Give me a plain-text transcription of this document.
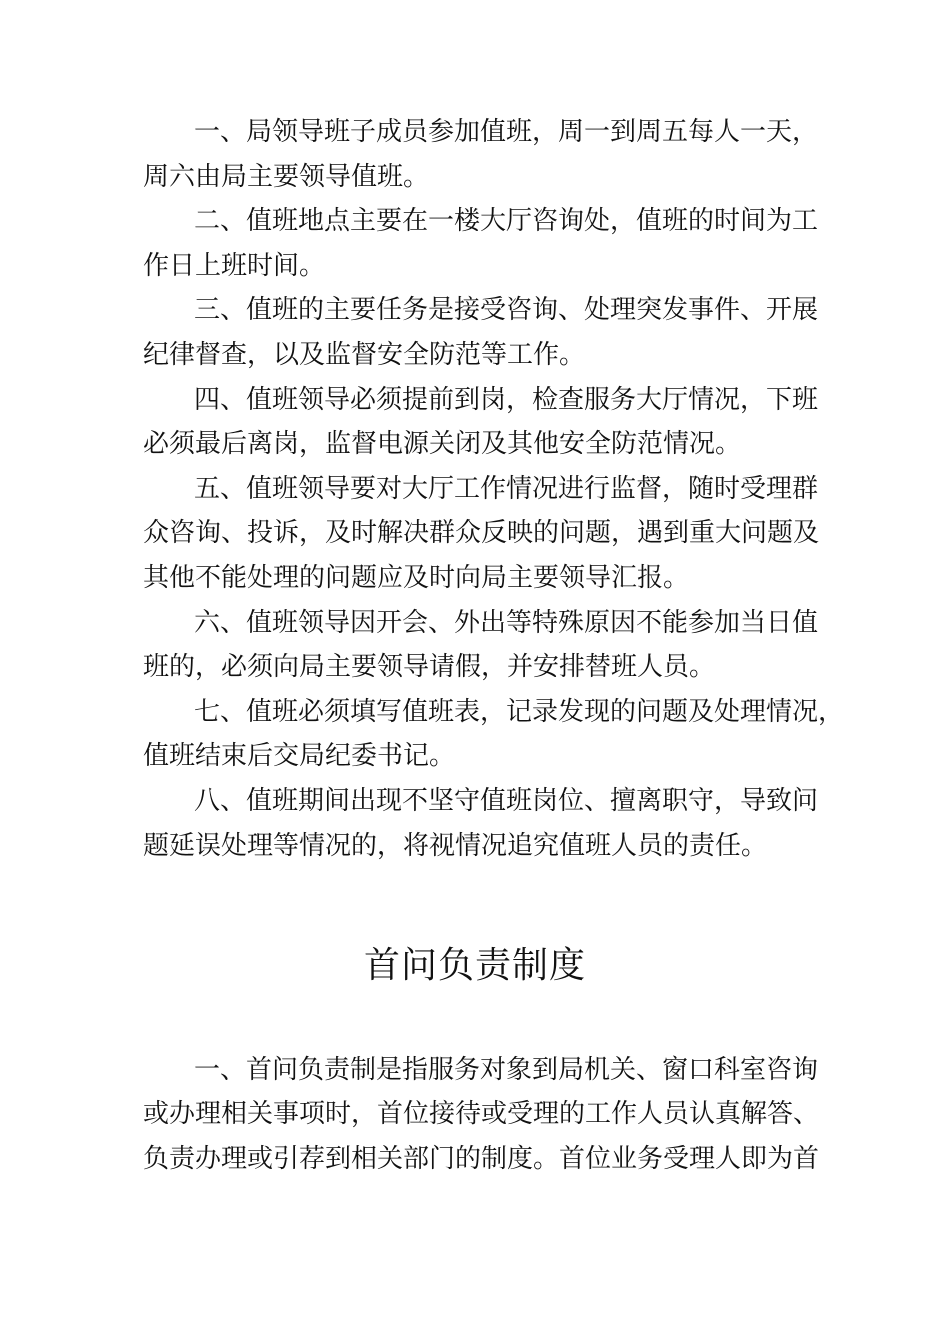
一、局领导班子成员参加值班，周一到周五每人一天，
周六由局主要领导值班。
二、值班地点主要在一楼大厅咨询处，值班的时间为工
作日上班时间。
三、值班的主要任务是接受咨询、处理突发事件、开展
纪律督查，以及监督安全防范等工作。
四、值班领导必须提前到岗，检查服务大厅情况，下班
必须最后离岗，监督电源关闭及其他安全防范情况。
五、值班领导要对大厅工作情况进行监督，随时受理群
众咨询、投诉，及时解决群众反映的问题，遇到重大问题及
其他不能处理的问题应及时向局主要领导汇报。
六、值班领导因开会、外出等特殊原因不能参加当日值
班的，必须向局主要领导请假，并安排替班人员。
七、值班必须填写值班表，记录发现的问题及处理情况，
值班结束后交局纪委书记。
八、值班期间出现不坚守值班岗位、擅离职守，导致问
题延误处理等情况的，将视情况追究值班人员的责任。
首问负责制度
一、首问负责制是指服务对象到局机关、窗口科室咨询
或办理相关事项时，首位接待或受理的工作人员认真解答、
负责办理或引荐到相关部门的制度。首位业务受理人即为首
